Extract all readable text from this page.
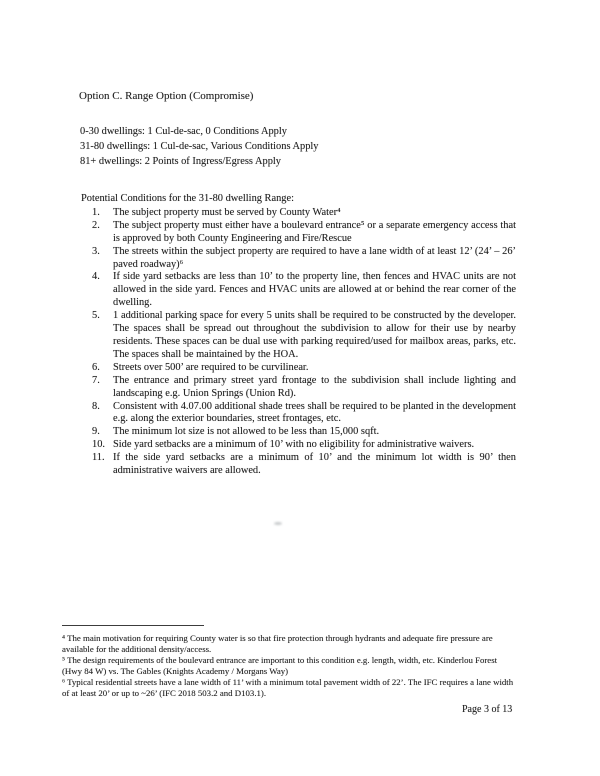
Option C. Range Option (Compromise)
0-30 dwellings: 1 Cul-de-sac, 0 Conditions Apply
31-80 dwellings: 1 Cul-de-sac, Various Conditions Apply
81+ dwellings: 2 Points of Ingress/Egress Apply
Potential Conditions for the 31-80 dwelling Range:
1. The subject property must be served by County Water⁴
2. The subject property must either have a boulevard entrance⁵ or a separate emergency access that is approved by both County Engineering and Fire/Rescue
3. The streets within the subject property are required to have a lane width of at least 12’ (24’ – 26’ paved roadway)⁶
4. If side yard setbacks are less than 10’ to the property line, then fences and HVAC units are not allowed in the side yard. Fences and HVAC units are allowed at or behind the rear corner of the dwelling.
5. 1 additional parking space for every 5 units shall be required to be constructed by the developer. The spaces shall be spread out throughout the subdivision to allow for their use by nearby residents. These spaces can be dual use with parking required/used for mailbox areas, parks, etc. The spaces shall be maintained by the HOA.
6. Streets over 500’ are required to be curvilinear.
7. The entrance and primary street yard frontage to the subdivision shall include lighting and landscaping e.g. Union Springs (Union Rd).
8. Consistent with 4.07.00 additional shade trees shall be required to be planted in the development e.g. along the exterior boundaries, street frontages, etc.
9. The minimum lot size is not allowed to be less than 15,000 sqft.
10. Side yard setbacks are a minimum of 10’ with no eligibility for administrative waivers.
11. If the side yard setbacks are a minimum of 10’ and the minimum lot width is 90’ then administrative waivers are allowed.
⁴ The main motivation for requiring County water is so that fire protection through hydrants and adequate fire pressure are available for the additional density/access.
⁵ The design requirements of the boulevard entrance are important to this condition e.g. length, width, etc. Kinderlou Forest (Hwy 84 W) vs. The Gables (Knights Academy / Morgans Way)
⁶ Typical residential streets have a lane width of 11’ with a minimum total pavement width of 22’. The IFC requires a lane width of at least 20’ or up to ~26’ (IFC 2018 503.2 and D103.1).
Page 3 of 13
